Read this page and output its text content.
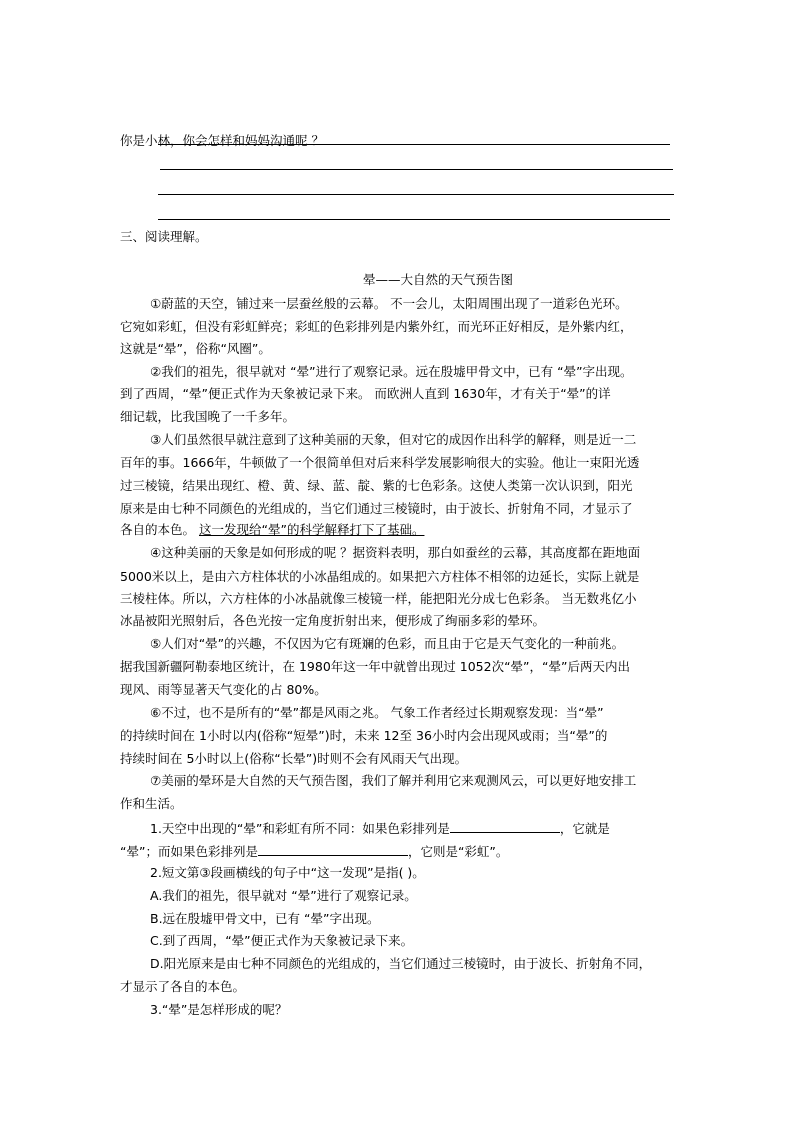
你是小林，你会怎样和妈妈沟通呢 ？
三、阅读理解。
晕——大自然的天气预告图
①蔚蓝的天空，铺过来一层蚕丝般的云幕。 不一会儿，太阳周围出现了一道彩色光环。
它宛如彩虹，但没有彩虹鲜亮；彩虹的色彩排列是内紫外红，而光环正好相反，是外紫内红，
这就是“晕”，俗称“风圈”。
②我们的祖先，很早就对 “晕”进行了观察记录。远在殷墟甲骨文中，已有 “晕”字出现。
到了西周，“晕”便正式作为天象被记录下来。 而欧洲人直到 1630年，才有关于“晕”的详
细记载，比我国晚了一千多年。
③人们虽然很早就注意到了这种美丽的天象，但对它的成因作出科学的解释，则是近一二
百年的事。1666年，牛顿做了一个很简单但对后来科学发展影响很大的实验。他让一束阳光透
过三棱镜，结果出现红、橙、黄、绿、蓝、靛、紫的七色彩条。这使人类第一次认识到，阳光
原来是由七种不同颜色的光组成的，当它们通过三棱镜时，由于波长、折射角不同，才显示了
各自的本色。 这一发现给“晕”的科学解释打下了基础。
④这种美丽的天象是如何形成的呢 ？据资料表明，那白如蚕丝的云幕，其高度都在距地面
5000米以上，是由六方柱体状的小冰晶组成的。如果把六方柱体不相邻的边延长，实际上就是
三棱柱体。所以，六方柱体的小冰晶就像三棱镜一样，能把阳光分成七色彩条。 当无数兆亿小
冰晶被阳光照射后，各色光按一定角度折射出来，便形成了绚丽多彩的晕环。
⑤人们对“晕”的兴趣，不仅因为它有斑斓的色彩，而且由于它是天气变化的一种前兆。
据我国新疆阿勒泰地区统计，在 1980年这一年中就曾出现过 1052次“晕”，“晕”后两天内出
现风、雨等显著天气变化的占 80%。
⑥不过，也不是所有的“晕”都是风雨之兆。 气象工作者经过长期观察发现：当“晕”
的持续时间在 1小时以内(俗称“短晕”)时，未来 12至 36小时内会出现风或雨；当“晕”的
持续时间在 5小时以上(俗称“长晕”)时则不会有风雨天气出现。
⑦美丽的晕环是大自然的天气预告图，我们了解并利用它来观测风云，可以更好地安排工
作和生活。
1.天空中出现的“晕”和彩虹有所不同：如果色彩排列是	，它就是
“晕”；而如果色彩排列是	，它则是“彩虹”。
2.短文第③段画横线的句子中“这一发现”是指( )。
A.我们的祖先，很早就对 “晕”进行了观察记录。
B.远在殷墟甲骨文中，已有 “晕”字出现。
C.到了西周，“晕”便正式作为天象被记录下来。
D.阳光原来是由七种不同颜色的光组成的，当它们通过三棱镜时，由于波长、折射角不同，
才显示了各自的本色。
3.“晕”是怎样形成的呢？
